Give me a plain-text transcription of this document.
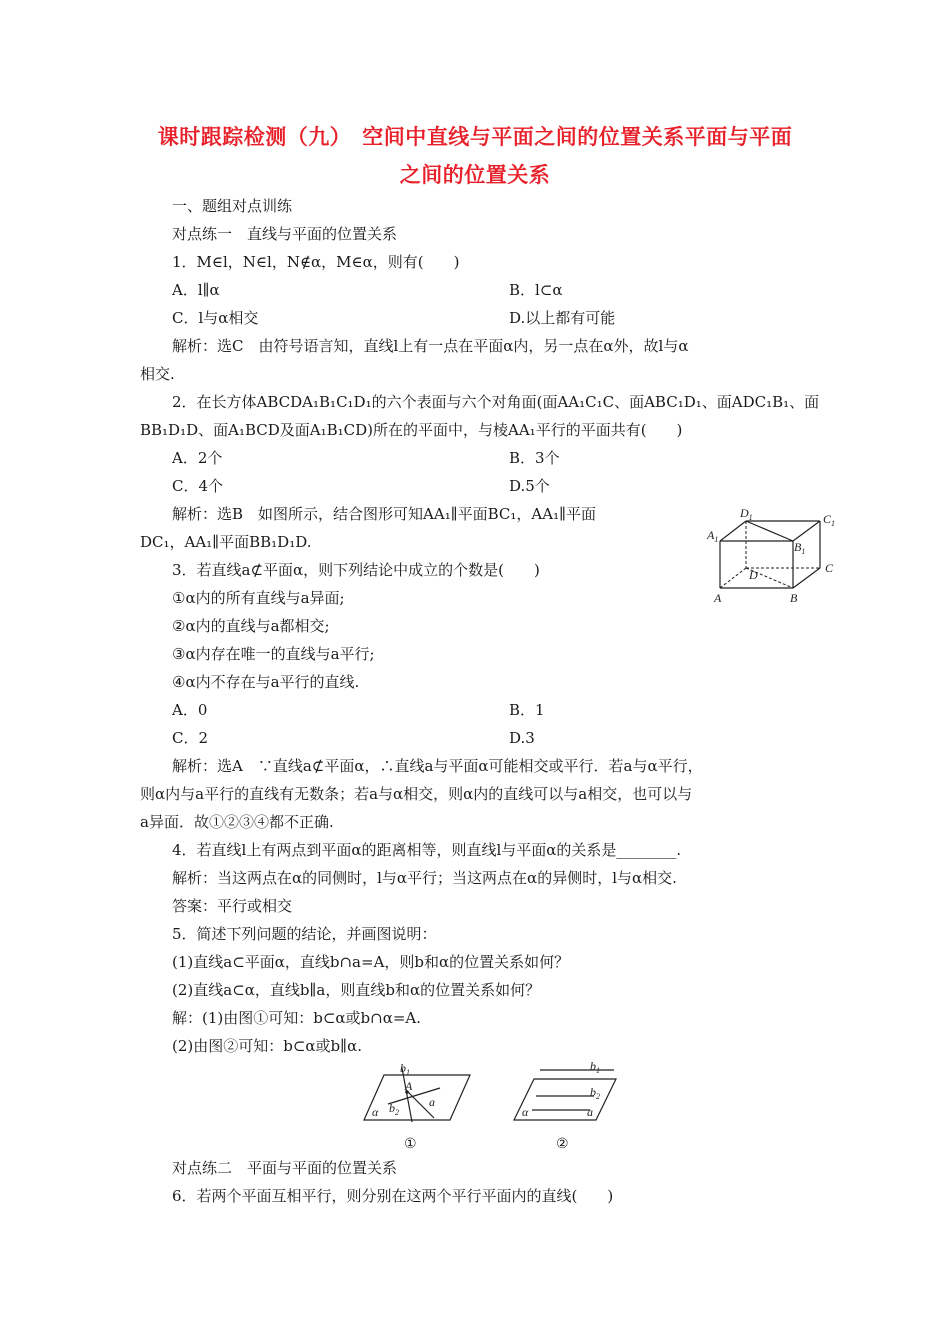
课时跟踪检测（九）　空间中直线与平面之间的位置关系平面与平面
之间的位置关系
一、题组对点训练
对点练一　直线与平面的位置关系
1．M∈l，N∈l，N∉α，M∈α，则有(　　)
A．l∥α	B．l⊂α
C．l与α相交	D.以上都有可能
解析：选C　由符号语言知，直线l上有一点在平面α内，另一点在α外，故l与α
相交.
2．在长方体ABCDA₁B₁C₁D₁的六个表面与六个对角面(面AA₁C₁C、面ABC₁D₁、面ADC₁B₁、面
BB₁D₁D、面A₁BCD及面A₁B₁CD)所在的平面中，与棱AA₁平行的平面共有(　　)
A．2个	B．3个
C．4个	D.5个
解析：选B　如图所示，结合图形可知AA₁∥平面BC₁，AA₁∥平面
DC₁，AA₁∥平面BB₁D₁D.
$D_1$	$C_1$
$A_1$
$B_1$
D	C
A	B
3．若直线a⊄平面α，则下列结论中成立的个数是(　　)
①α内的所有直线与a异面;
②α内的直线与a都相交;
③α内存在唯一的直线与a平行;
④α内不存在与a平行的直线.
A．0	B．1
C．2	D.3
解析：选A　∵直线a⊄平面α，∴直线a与平面α可能相交或平行．若a与α平行，
则α内与a平行的直线有无数条；若a与α相交，则α内的直线可以与a相交，也可以与
a异面．故①②③④都不正确.
4．若直线l上有两点到平面α的距离相等，则直线l与平面α的关系是________.
解析：当这两点在α的同侧时，l与α平行；当这两点在α的异侧时，l与α相交.
答案：平行或相交
5．简述下列问题的结论，并画图说明：
(1)直线a⊂平面α，直线b∩a=A，则b和α的位置关系如何？
(2)直线a⊂α，直线b∥a，则直线b和α的位置关系如何？
解：(1)由图①可知：b⊂α或b∩α=A.
(2)由图②可知：b⊂α或b∥α.
$b_1$
A
α $b_2$
a
①
$b_1$
$b_2$
α	a
②
对点练二　平面与平面的位置关系
6．若两个平面互相平行，则分别在这两个平行平面内的直线(　　)
